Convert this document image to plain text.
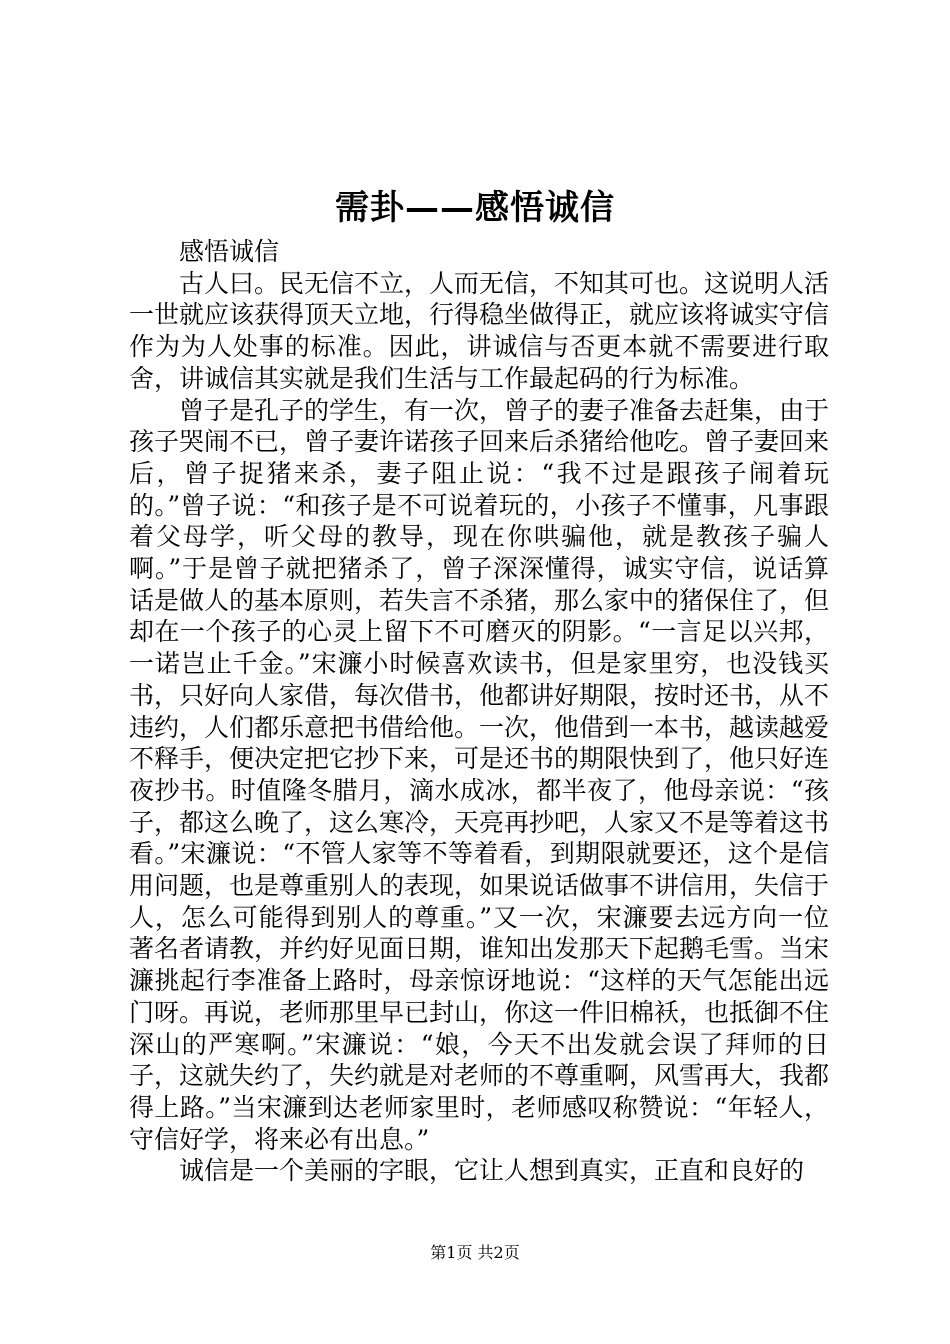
需卦——感悟诚信

感悟诚信

古人曰。民无信不立，人而无信，不知其可也。这说明人活一世就应该获得顶天立地，行得稳坐做得正，就应该将诚实守信作为为人处事的标准。因此，讲诚信与否更本就不需要进行取舍，讲诚信其实就是我们生活与工作最起码的行为标准。

曾子是孔子的学生，有一次，曾子的妻子准备去赶集，由于孩子哭闹不已，曾子妻许诺孩子回来后杀猪给他吃。曾子妻回来后，曾子捉猪来杀，妻子阻止说：“我不过是跟孩子闹着玩的。”曾子说：“和孩子是不可说着玩的，小孩子不懂事，凡事跟着父母学，听父母的教导，现在你哄骗他，就是教孩子骗人啊。”于是曾子就把猪杀了，曾子深深懂得，诚实守信，说话算话是做人的基本原则，若失言不杀猪，那么家中的猪保住了，但却在一个孩子的心灵上留下不可磨灭的阴影。“一言足以兴邦，一诺岂止千金。”宋濂小时候喜欢读书，但是家里穷，也没钱买书，只好向人家借，每次借书，他都讲好期限，按时还书，从不违约，人们都乐意把书借给他。一次，他借到一本书，越读越爱不释手，便决定把它抄下来，可是还书的期限快到了，他只好连夜抄书。时值隆冬腊月，滴水成冰，都半夜了，他母亲说：“孩子，都这么晚了，这么寒冷，天亮再抄吧，人家又不是等着这书看。”宋濂说：“不管人家等不等着看，到期限就要还，这个是信用问题，也是尊重别人的表现，如果说话做事不讲信用，失信于人，怎么可能得到别人的尊重。”又一次，宋濂要去远方向一位著名者请教，并约好见面日期，谁知出发那天下起鹅毛雪。当宋濂挑起行李准备上路时，母亲惊讶地说：“这样的天气怎能出远门呀。再说，老师那里早已封山，你这一件旧棉袄，也抵御不住深山的严寒啊。”宋濂说：“娘，今天不出发就会误了拜师的日子，这就失约了，失约就是对老师的不尊重啊，风雪再大，我都得上路。”当宋濂到达老师家里时，老师感叹称赞说：“年轻人，守信好学，将来必有出息。”

诚信是一个美丽的字眼，它让人想到真实，正直和良好的

第1页 共2页
